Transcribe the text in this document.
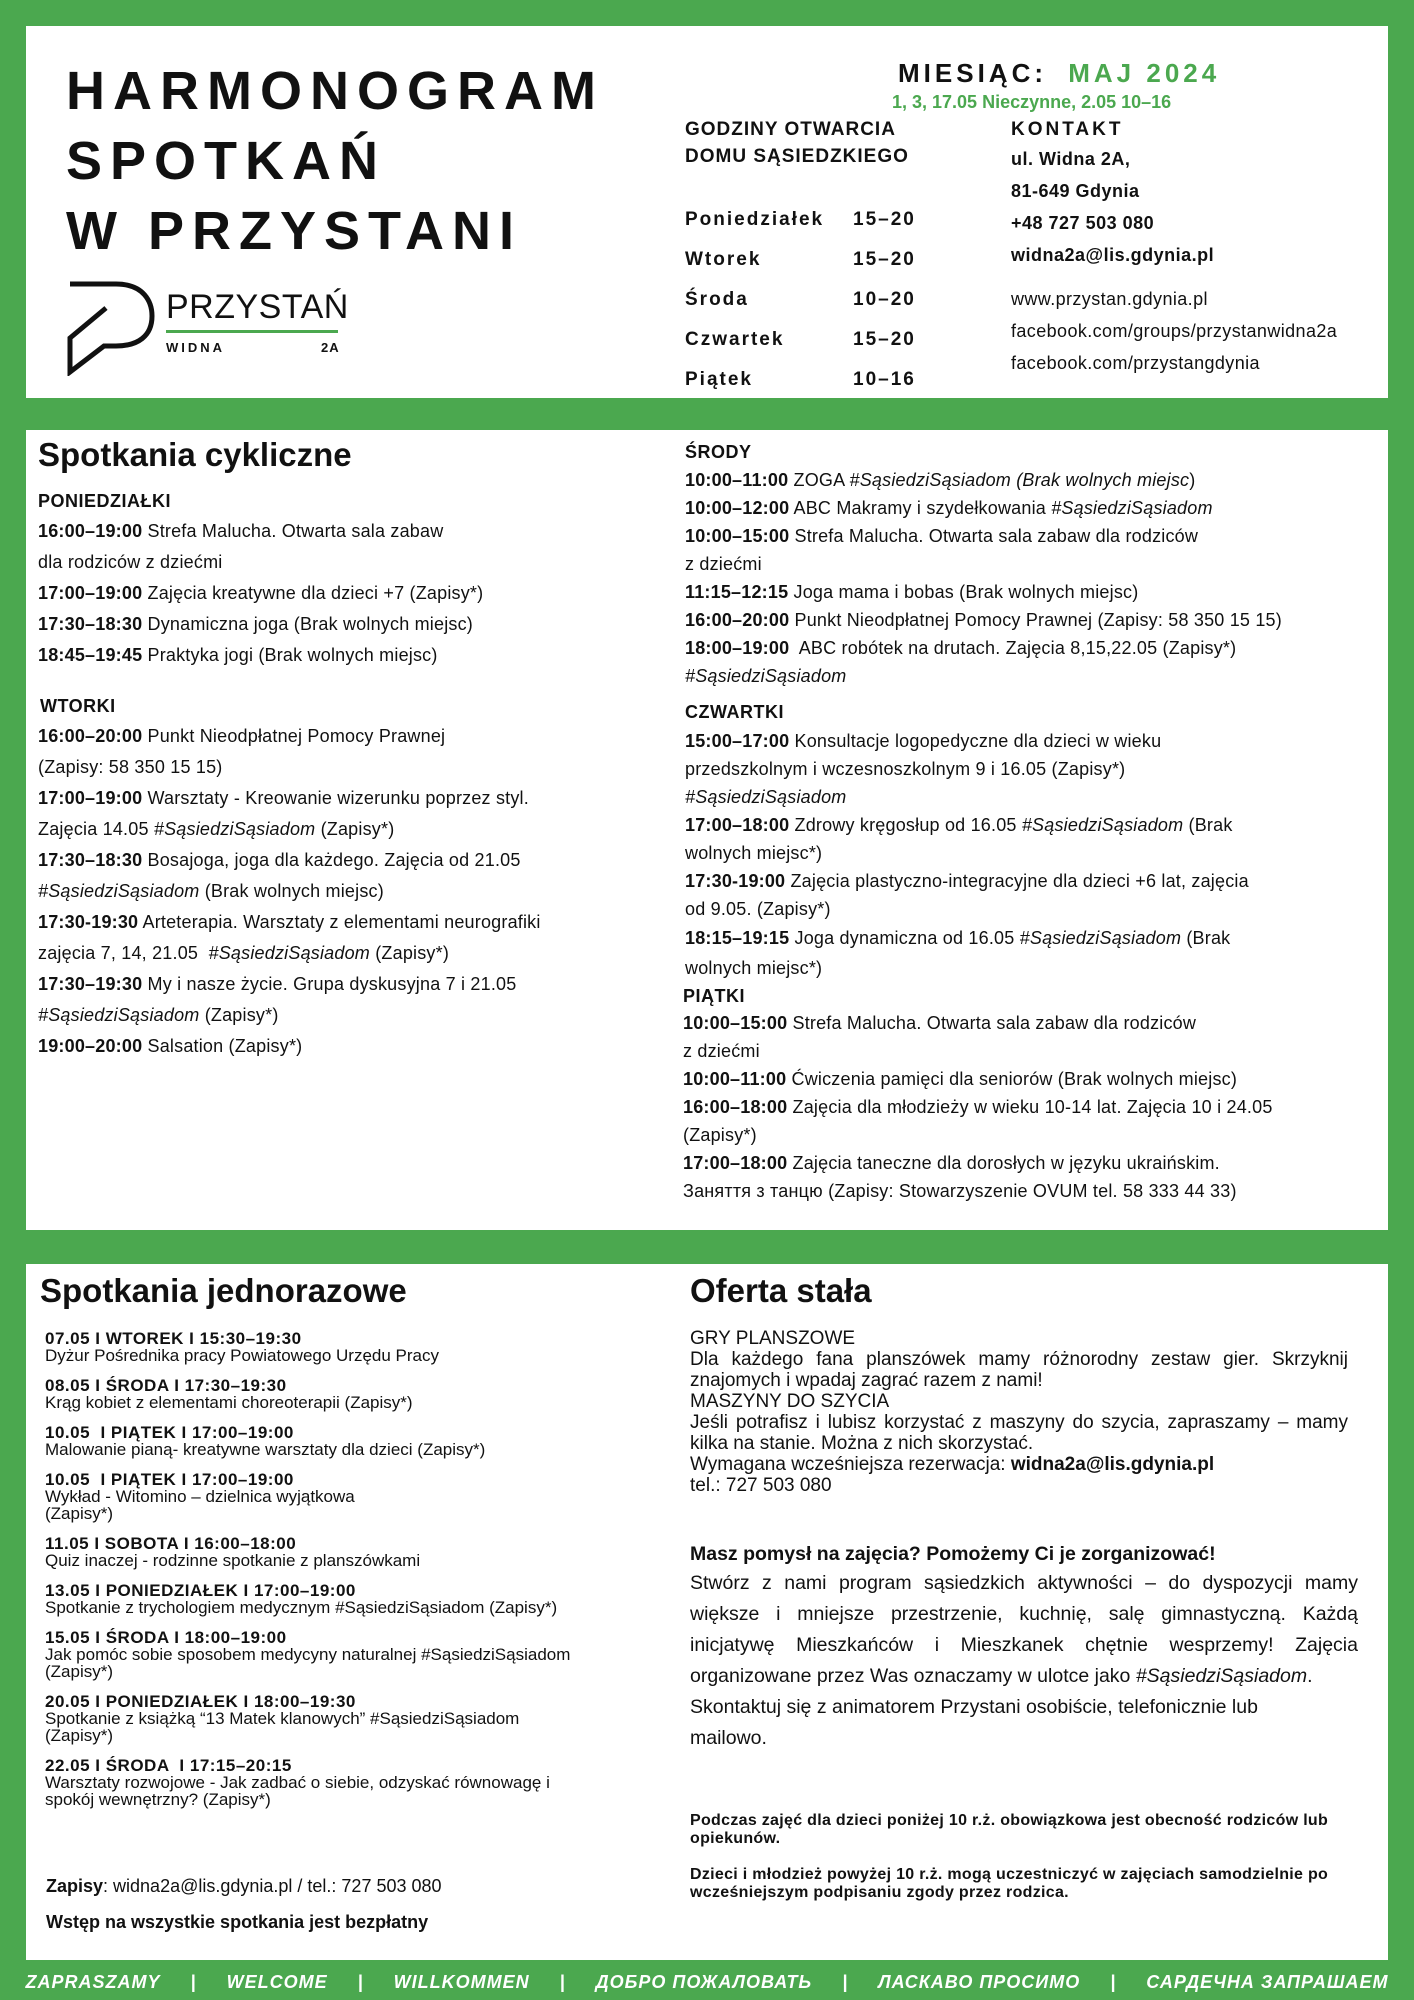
HARMONOGRAM
SPOTKAŃ
W PRZYSTANI
PRZYSTAŃ
WIDNA	2A
MIESIĄC: MAJ 2024
1, 3, 17.05 Nieczynne, 2.05 10–16
GODZINY OTWARCIA
DOMU SĄSIEDZKIEGO
Poniedziałek 15–20
Wtorek	15–20
Środa	10–20
Czwartek	15–20
Piątek	10–16
KONTAKT
ul. Widna 2A,
81-649 Gdynia
+48 727 503 080
widna2a@lis.gdynia.pl
www.przystan.gdynia.pl
facebook.com/groups/przystanwidna2a
facebook.com/przystangdynia
Spotkania cykliczne
PONIEDZIAŁKI
16:00–19:00 Strefa Malucha. Otwarta sala zabaw
dla rodziców z dziećmi
17:00–19:00 Zajęcia kreatywne dla dzieci +7 (Zapisy*)
17:30–18:30 Dynamiczna joga (Brak wolnych miejsc)
18:45–19:45 Praktyka jogi (Brak wolnych miejsc)
WTORKI
16:00–20:00 Punkt Nieodpłatnej Pomocy Prawnej
(Zapisy: 58 350 15 15)
17:00–19:00 Warsztaty - Kreowanie wizerunku poprzez styl.
Zajęcia 14.05 #SąsiedziSąsiadom (Zapisy*)
17:30–18:30 Bosajoga, joga dla każdego. Zajęcia od 21.05
#SąsiedziSąsiadom (Brak wolnych miejsc)
17:30-19:30 Arteterapia. Warsztaty z elementami neurografiki
zajęcia 7, 14, 21.05  #SąsiedziSąsiadom (Zapisy*)
17:30–19:30 My i nasze życie. Grupa dyskusyjna 7 i 21.05
#SąsiedziSąsiadom (Zapisy*)
19:00–20:00 Salsation (Zapisy*)
ŚRODY
10:00–11:00 ZOGA #SąsiedziSąsiadom (Brak wolnych miejsc)
10:00–12:00 ABC Makramy i szydełkowania #SąsiedziSąsiadom
10:00–15:00 Strefa Malucha. Otwarta sala zabaw dla rodziców
z dziećmi
11:15–12:15 Joga mama i bobas (Brak wolnych miejsc)
16:00–20:00 Punkt Nieodpłatnej Pomocy Prawnej (Zapisy: 58 350 15 15)
18:00–19:00  ABC robótek na drutach. Zajęcia 8,15,22.05 (Zapisy*)
#SąsiedziSąsiadom
CZWARTKI
15:00–17:00 Konsultacje logopedyczne dla dzieci w wieku
przedszkolnym i wczesnoszkolnym 9 i 16.05 (Zapisy*)
#SąsiedziSąsiadom
17:00–18:00 Zdrowy kręgosłup od 16.05 #SąsiedziSąsiadom (Brak
wolnych miejsc*)
17:30-19:00 Zajęcia plastyczno-integracyjne dla dzieci +6 lat, zajęcia
od 9.05. (Zapisy*)
18:15–19:15 Joga dynamiczna od 16.05 #SąsiedziSąsiadom (Brak
wolnych miejsc*)
PIĄTKI
10:00–15:00 Strefa Malucha. Otwarta sala zabaw dla rodziców
z dziećmi
10:00–11:00 Ćwiczenia pamięci dla seniorów (Brak wolnych miejsc)
16:00–18:00 Zajęcia dla młodzieży w wieku 10-14 lat. Zajęcia 10 i 24.05
(Zapisy*)
17:00–18:00 Zajęcia taneczne dla dorosłych w języku ukraińskim.
Заняття з танцю (Zapisy: Stowarzyszenie OVUM tel. 58 333 44 33)
Spotkania jednorazowe
07.05 I WTOREK I 15:30–19:30
Dyżur Pośrednika pracy Powiatowego Urzędu Pracy
08.05 I ŚRODA I 17:30–19:30
Krąg kobiet z elementami choreoterapii (Zapisy*)
10.05  I PIĄTEK I 17:00–19:00
Malowanie pianą- kreatywne warsztaty dla dzieci (Zapisy*)
10.05  I PIĄTEK I 17:00–19:00
Wykład - Witomino – dzielnica wyjątkowa
(Zapisy*)
11.05 I SOBOTA I 16:00–18:00
Quiz inaczej - rodzinne spotkanie z planszówkami
13.05 I PONIEDZIAŁEK I 17:00–19:00
Spotkanie z trychologiem medycznym #SąsiedziSąsiadom (Zapisy*)
15.05 I ŚRODA I 18:00–19:00
Jak pomóc sobie sposobem medycyny naturalnej #SąsiedziSąsiadom
(Zapisy*)
20.05 I PONIEDZIAŁEK I 18:00–19:30
Spotkanie z książką “13 Matek klanowych” #SąsiedziSąsiadom
(Zapisy*)
22.05 I ŚRODA  I 17:15–20:15
Warsztaty rozwojowe - Jak zadbać o siebie, odzyskać równowagę i
spokój wewnętrzny? (Zapisy*)
Zapisy: widna2a@lis.gdynia.pl / tel.: 727 503 080
Wstęp na wszystkie spotkania jest bezpłatny
Oferta stała
GRY PLANSZOWE
Dla każdego fana planszówek mamy różnorodny zestaw gier. Skrzyknij znajomych i wpadaj zagrać razem z nami!
MASZYNY DO SZYCIA
Jeśli potrafisz i lubisz korzystać z maszyny do szycia, zapraszamy – mamy kilka na stanie. Można z nich skorzystać.
Wymagana wcześniejsza rezerwacja: widna2a@lis.gdynia.pl
tel.: 727 503 080
Masz pomysł na zajęcia? Pomożemy Ci je zorganizować!
Stwórz z nami program sąsiedzkich aktywności – do dyspozycji mamy większe i mniejsze przestrzenie, kuchnię, salę gimnastyczną. Każdą inicjatywę Mieszkańców i Mieszkanek chętnie wesprzemy! Zajęcia organizowane przez Was oznaczamy w ulotce jako #SąsiedziSąsiadom.
Skontaktuj się z animatorem Przystani osobiście, telefonicznie lub mailowo.
Podczas zajęć dla dzieci poniżej 10 r.ż. obowiązkowa jest obecność rodziców lub opiekunów.
Dzieci i młodzież powyżej 10 r.ż. mogą uczestniczyć w zajęciach samodzielnie po wcześniejszym podpisaniu zgody przez rodzica.
ZAPRASZAMY	|	WELCOME	|	WILLKOMMEN	|	ДОБРО ПОЖАЛОВАТЬ	|	ЛАСКАВО ПРОСИМО	|	САРДЕЧНА ЗАПРАШАЕМ
